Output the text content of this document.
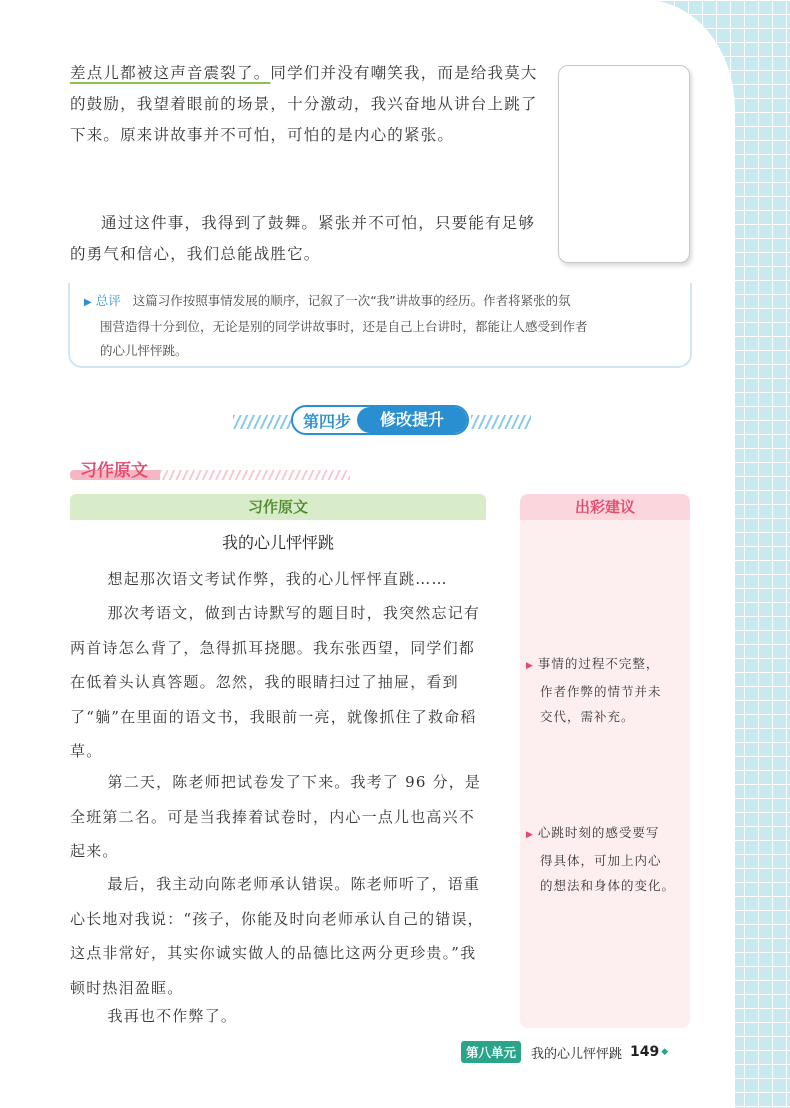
差点儿都被这声音震裂了。同学们并没有嘲笑我，而是给我莫大的鼓励，我望着眼前的场景，十分激动，我兴奋地从讲台上跳了下来。原来讲故事并不可怕，可怕的是内心的紧张。

通过这件事，我得到了鼓舞。紧张并不可怕，只要能有足够的勇气和信心，我们总能战胜它。

▶ 总评 这篇习作按照事情发展的顺序，记叙了一次“我”讲故事的经历。作者将紧张的氛
围营造得十分到位，无论是别的同学讲故事时，还是自己上台讲时，都能让人感受到作者
的心儿怦怦跳。
第四步	修改提升
习作原文
习作原文	出彩建议
我的心儿怦怦跳

想起那次语文考试作弊，我的心儿怦怦直跳……

那次考语文，做到古诗默写的题目时，我突然忘记有两首诗怎么背了，急得抓耳挠腮。我东张西望，同学们都在低着头认真答题。忽然，我的眼睛扫过了抽屉，看到了“躺”在里面的语文书，我眼前一亮，就像抓住了救命稻草。

第二天，陈老师把试卷发了下来。我考了 96 分，是全班第二名。可是当我捧着试卷时，内心一点儿也高兴不起来。

最后，我主动向陈老师承认错误。陈老师听了，语重心长地对我说：“孩子，你能及时向老师承认自己的错误，这点非常好，其实你诚实做人的品德比这两分更珍贵。”我顿时热泪盈眶。

我再也不作弊了。

▶ 事情的过程不完整，
作者作弊的情节并未
交代，需补充。
▶ 心跳时刻的感受要写
得具体，可加上内心
的想法和身体的变化。
第八单元	我的心儿怦怦跳 149 ◆
